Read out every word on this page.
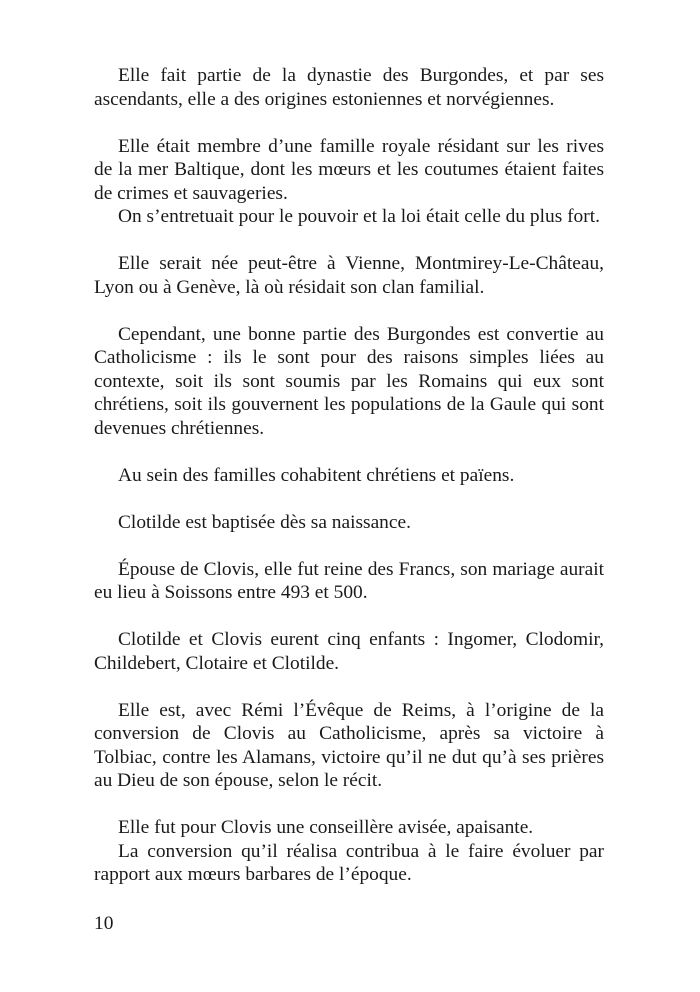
Elle fait partie de la dynastie des Burgondes, et par ses ascendants, elle a des origines estoniennes et norvégiennes.

Elle était membre d’une famille royale résidant sur les rives de la mer Baltique, dont les mœurs et les coutumes étaient faites de crimes et sauvageries.

On s’entretuait pour le pouvoir et la loi était celle du plus fort.

Elle serait née peut-être à Vienne, Montmirey-Le-Château, Lyon ou à Genève, là où résidait son clan familial.

Cependant, une bonne partie des Burgondes est convertie au Catholicisme : ils le sont pour des raisons simples liées au contexte, soit ils sont soumis par les Romains qui eux sont chrétiens, soit ils gouvernent les populations de la Gaule qui sont devenues chrétiennes.

Au sein des familles cohabitent chrétiens et païens.

Clotilde est baptisée dès sa naissance.

Épouse de Clovis, elle fut reine des Francs, son mariage aurait eu lieu à Soissons entre 493 et 500.

Clotilde et Clovis eurent cinq enfants : Ingomer, Clodomir, Childebert, Clotaire et Clotilde.

Elle est, avec Rémi l’Évêque de Reims, à l’origine de la conversion de Clovis au Catholicisme, après sa victoire à Tolbiac, contre les Alamans, victoire qu’il ne dut qu’à ses prières au Dieu de son épouse, selon le récit.

Elle fut pour Clovis une conseillère avisée, apaisante.

La conversion qu’il réalisa contribua à le faire évoluer par rapport aux mœurs barbares de l’époque.

10
